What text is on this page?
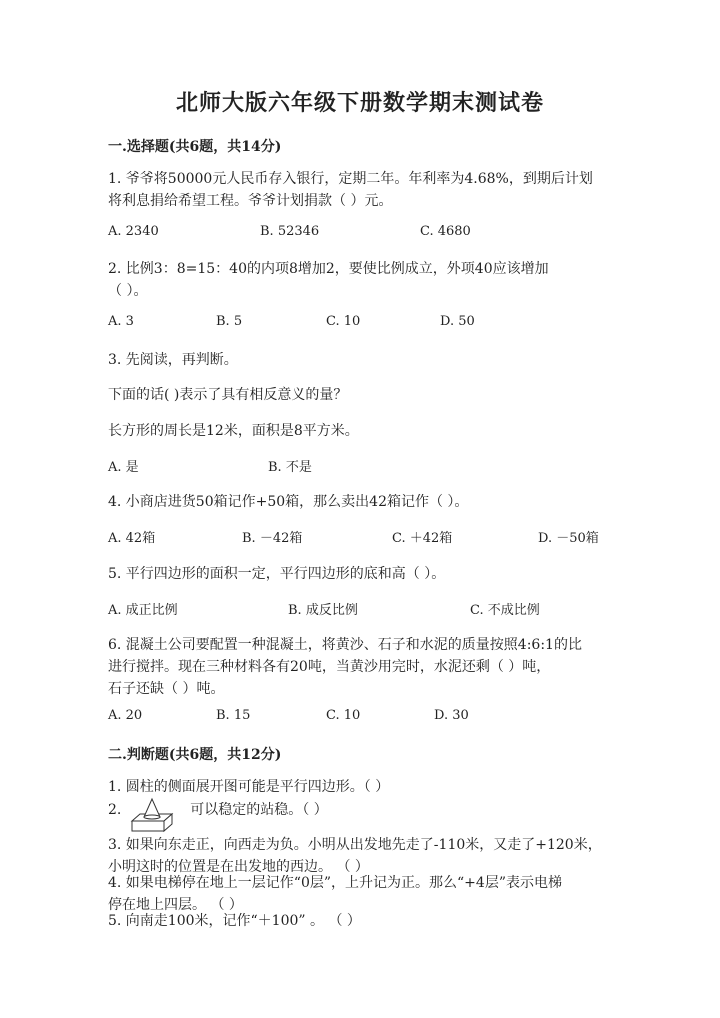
北师大版六年级下册数学期末测试卷
一.选择题(共6题，共14分)
1. 爷爷将50000元人民币存入银行，定期二年。年利率为4.68%，到期后计划
将利息捐给希望工程。爷爷计划捐款（ ）元。
A. 2340	B. 52346	C. 4680
2. 比例3：8=15：40的内项8增加2，要使比例成立，外项40应该增加
（ ）。
A. 3	B. 5	C. 10	D. 50
3. 先阅读，再判断。
下面的话( )表示了具有相反意义的量？
长方形的周长是12米，面积是8平方米。
A. 是	B. 不是
4. 小商店进货50箱记作+50箱，那么卖出42箱记作（ ）。
A. 42箱	B. －42箱	C. ＋42箱	D. －50箱
5. 平行四边形的面积一定，平行四边形的底和高（ ）。
A. 成正比例	B. 成反比例	C. 不成比例
6. 混凝土公司要配置一种混凝土，将黄沙、石子和水泥的质量按照4:6:1的比
进行搅拌。现在三种材料各有20吨，当黄沙用完时，水泥还剩（ ）吨，
石子还缺（ ）吨。
A. 20	B. 15	C. 10	D. 30
二.判断题(共6题，共12分)
1. 圆柱的侧面展开图可能是平行四边形。（ ）
2.	可以稳定的站稳。（ ）
3. 如果向东走正，向西走为负。小明从出发地先走了-110米，又走了+120米，
小明这时的位置是在出发地的西边。 （ ）
4. 如果电梯停在地上一层记作“0层”，上升记为正。那么“+4层”表示电梯
停在地上四层。 （ ）
5. 向南走100米，记作“＋100” 。 （ ）
